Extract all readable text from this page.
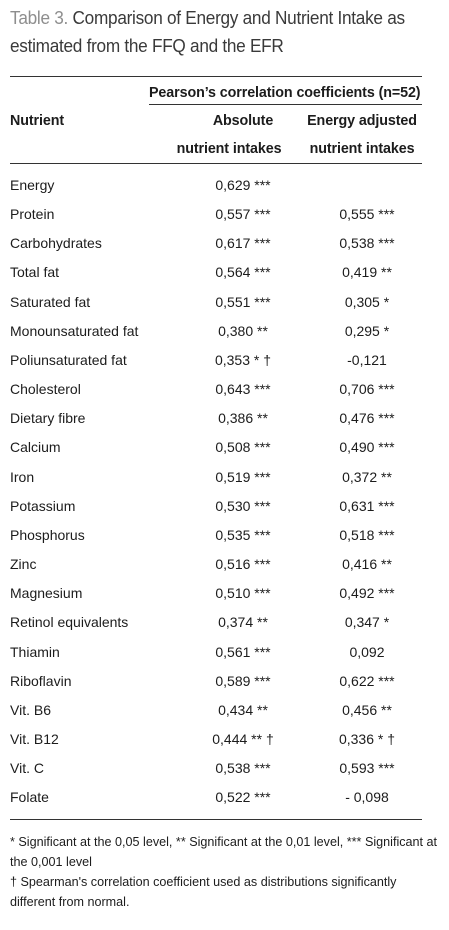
Table 3. Comparison of Energy and Nutrient Intake as estimated from the FFQ and the EFR
Pearson’s correlation coefficients (n=52)
Nutrient	Absolute
nutrient intakes
Energy adjusted
nutrient intakes
Energy	0,629 ***
Protein	0,557 ***	0,555 ***
Carbohydrates	0,617 ***	0,538 ***
Total fat	0,564 ***	0,419 **
Saturated fat	0,551 ***	0,305 *
Monounsaturated fat	0,380 **	0,295 *
Poliunsaturated fat	0,353 * †	-0,121
Cholesterol	0,643 ***	0,706 ***
Dietary fibre	0,386 **	0,476 ***
Calcium	0,508 ***	0,490 ***
Iron	0,519 ***	0,372 **
Potassium	0,530 ***	0,631 ***
Phosphorus	0,535 ***	0,518 ***
Zinc	0,516 ***	0,416 **
Magnesium	0,510 ***	0,492 ***
Retinol equivalents	0,374 **	0,347 *
Thiamin	0,561 ***	0,092
Riboflavin	0,589 ***	0,622 ***
Vit. B6	0,434 **	0,456 **
Vit. B12	0,444 ** †	0,336 * †
Vit. C	0,538 ***	0,593 ***
Folate	0,522 ***	- 0,098

* Significant at the 0,05 level, ** Significant at the 0,01 level, *** Significant at the 0,001 level

† Spearman's correlation coefficient used as distributions significantly different from normal.
